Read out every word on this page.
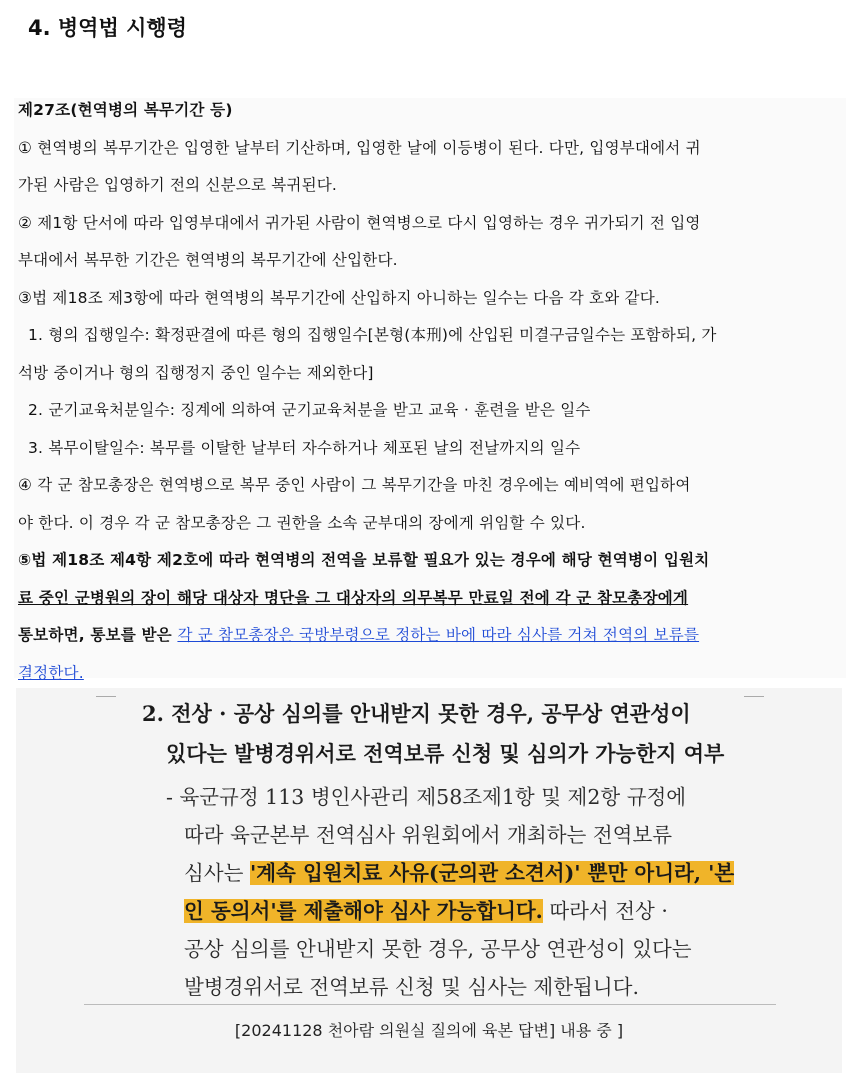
4. 병역법 시행령
제27조(현역병의 복무기간 등)
① 현역병의 복무기간은 입영한 날부터 기산하며, 입영한 날에 이등병이 된다. 다만, 입영부대에서 귀
가된 사람은 입영하기 전의 신분으로 복귀된다.
② 제1항 단서에 따라 입영부대에서 귀가된 사람이 현역병으로 다시 입영하는 경우 귀가되기 전 입영
부대에서 복무한 기간은 현역병의 복무기간에 산입한다.
③법 제18조 제3항에 따라 현역병의 복무기간에 산입하지 아니하는 일수는 다음 각 호와 같다.
1. 형의 집행일수: 확정판결에 따른 형의 집행일수[본형(本刑)에 산입된 미결구금일수는 포함하되, 가
석방 중이거나 형의 집행정지 중인 일수는 제외한다]
2. 군기교육처분일수: 징계에 의하여 군기교육처분을 받고 교육 · 훈련을 받은 일수
3. 복무이탈일수: 복무를 이탈한 날부터 자수하거나 체포된 날의 전날까지의 일수
④ 각 군 참모총장은 현역병으로 복무 중인 사람이 그 복무기간을 마친 경우에는 예비역에 편입하여
야 한다. 이 경우 각 군 참모총장은 그 권한을 소속 군부대의 장에게 위임할 수 있다.
⑤법 제18조 제4항 제2호에 따라 현역병의 전역을 보류할 필요가 있는 경우에 해당 현역병이 입원치
료 중인 군병원의 장이 해당 대상자 명단을 그 대상자의 의무복무 만료일 전에 각 군 참모총장에게
통보하면, 통보를 받은 각 군 참모총장은 국방부령으로 정하는 바에 따라 심사를 거쳐 전역의 보류를
결정한다.
2. 전상 · 공상 심의를 안내받지 못한 경우, 공무상 연관성이
있다는 발병경위서로 전역보류 신청 및 심의가 가능한지 여부
- 육군규정 113 병인사관리 제58조제1항 및 제2항 규정에
따라 육군본부 전역심사 위원회에서 개최하는 전역보류
심사는 '계속 입원치료 사유(군의관 소견서)' 뿐만 아니라, '본
인 동의서'를 제출해야 심사 가능합니다. 따라서 전상 ·
공상 심의를 안내받지 못한 경우, 공무상 연관성이 있다는
발병경위서로 전역보류 신청 및 심사는 제한됩니다.
[20241128 천아람 의원실 질의에 육본 답변] 내용 중 ]
